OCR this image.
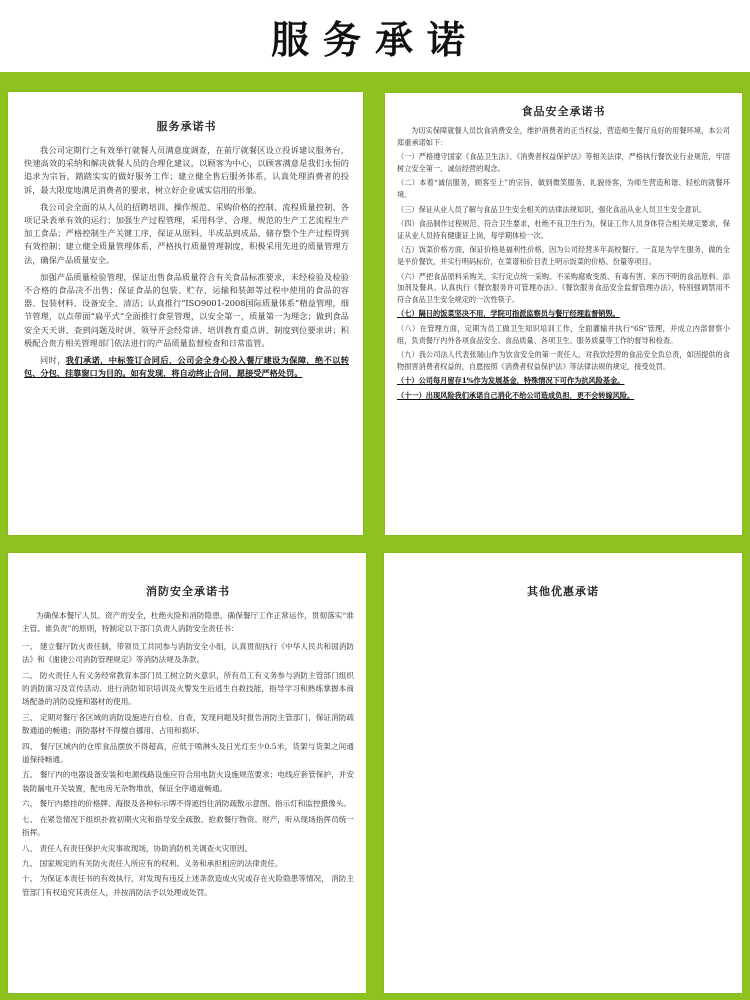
服务承诺
服务承诺书

我公司定期行之有效举行就餐人员满意度调查，在前厅就餐区设立投诉建议服务台，快速高效的采纳和解决就餐人员的合理化建议，以顾客为中心，以顾客满意是我们永恒的追求为宗旨，踏踏实实的做好服务工作；建立健全售后服务体系，认真处理消费者的投诉，最大限度地满足消费者的要求，树立好企业诚实信用的形象。

我公司会全面的从人员的招聘培训、操作规范、采购价格的控制、流程质量控制、各项记录表单有效的运行；加强生产过程管理，采用科学、合理、规范的生产工艺流程生产加工食品；严格控制生产关键工序，保证从原料、半成品到成品、储存整个生产过程得到有效控制；建立健全质量管理体系，严格执行质量管理制度，积极采用先进的质量管理方法，确保产品质量安全。

加强产品质量检验管理，保证出售食品质量符合有关食品标准要求，未经检验及检验不合格的食品决不出售；保证食品的包装、贮存、运输和装卸等过程中使用的食品的容器、包装材料、设备安全、清洁；认真推行“ISO9001-2008国际质量体系”精益管理，细节管理，以点带面“扁平式”全面推行食堂管理，以安全第一，质量第一为理念；做到食品安全天天讲、查到问题及时讲、领导开会经常讲、培训教育重点讲、制度到位要求讲；积极配合贵方相关管理部门依法进行的产品质量监督检查和日常监管。

同时，我们承诺，中标签订合同后，公司会全身心投入餐厅建设为保障，绝不以转包、分包、挂靠窗口为目的。如有发现，将自动终止合同，愿接受严格处罚。

食品安全承诺书

为切实保障就餐人员饮食消费安全，维护消费者的正当权益，营造师生餐厅良好的用餐环境，本公司郑重承诺如下：

（一）严格遵守国家《食品卫生法》、《消费者权益保护法》等相关法律，严格执行餐饮业行业规范，牢固树立安全第一、诚信经营的观念。

（二）本着“诚信服务，顾客至上”的宗旨，做到微笑服务、礼貌待客，为师生营造和谐、轻松的就餐环境。

（三）保证从业人员了解与食品卫生安全相关的法律法规知识，强化食品从业人员卫生安全意识。

（四）食品制作过程规范、符合卫生要求，杜绝不良卫生行为，保证工作人员身体符合相关规定要求，保证从业人员持有健康证上岗，每学期体检一次。

（五）饭菜价格方面，保证价格是福利性价格，因为公司经营多年高校餐厅，一直是为学生服务，做的全是平价餐饮，并实行明码标价，在菜谱和价目表上明示饭菜的价格、份量等项目。

（六）严把食品原料采购关，实行定点统一采购。不采购腐败变质、有毒有害、来历不明的食品原料、添加剂及餐具。认真执行《餐饮服务许可管理办法》、《餐饮服务食品安全监督管理办法》，特别强调禁用不符合食品卫生安全规定的一次性筷子。

（七）隔日的饭菜坚决不用，学院可指派监察员与餐厅经理监督销毁。

（八）在管理方面，定期为员工做卫生知识培训工作，全面灌输并执行“6S”管理，并成立内部督察小组，负责餐厅内外各项食品安全、食品质量、各项卫生、服务质量等工作的督导和检查。

（九）我公司法人代表张瑞山作为饮食安全的第一责任人，对我饮经营的食品安全负总责，如因提供的食物损害消费者权益的，自愿按照《消费者权益保护法》等法律法规的规定，接受处罚。

（十）公司每月留存1%作为发展基金，特殊情况下可作为抗风险基金。

（十一）出现风险我们承诺自己消化不给公司造成负担，更不会转嫁风险。

消防安全承诺书

为确保本餐厅人员、资产的安全，杜绝火险和消防隐患，确保餐厅工作正常运作，贯彻落实“谁主管、谁负责”的原则，特制定以下部门负责人消防安全责任书：

一、 建立餐厅防火责任制，带领员工共同参与消防安全小组，认真贯彻执行《中华人民共和国消防法》和《谢捷公司消防管理规定》等消防法规及条款。

二、 防火责任人有义务经常教育本部门员工树立防火意识，所有员工有义务参与消防主管部门组织的消防演习及宣传活动、进行消防知识培训及火警发生后逃生自救技能，指导学习和熟练掌握本商场配备的消防设施和器材的使用。

三、 定期对餐厅各区域的消防设施进行自检、自查，发现问题及时报告消防主管部门，保证消防疏散通道的畅通；消防器材不得擅自挪用、占用和损坏。

四、 餐厅区域内的仓库食品摆放不得超高，应低于喷淋头及日光灯至少0.5米，货架与货架之间通道保持畅通。

五、 餐厅内的电器设备安装和电源线路设施应符合用电防火设施规范要求；电线应套管保护，并安装防漏电开关装置，配电房无杂物堆放，保证全序通道畅通。

六、 餐厅内悬挂的价格牌、海报及各种标示牌不得遮挡住消防疏散示意图、指示灯和监控摄像头。

七、 在紧急情况下组织扑救初期火灾和指导安全疏散、抢救餐厅物资、财产，听从现场指挥员统一指挥。

八、 责任人有责任保护火灾事故现场，协助消防机关调查火灾原因。

九、 国家规定的有关防火责任人所应有的权利、义务和承担相应的法律责任。

十、 为保证本责任书的有效执行，对发现有违反上述条款造成火灾或存在火险隐患等情况， 消防主管部门有权追究其责任人，并按消防法予以处理或处罚。

其他优惠承诺
